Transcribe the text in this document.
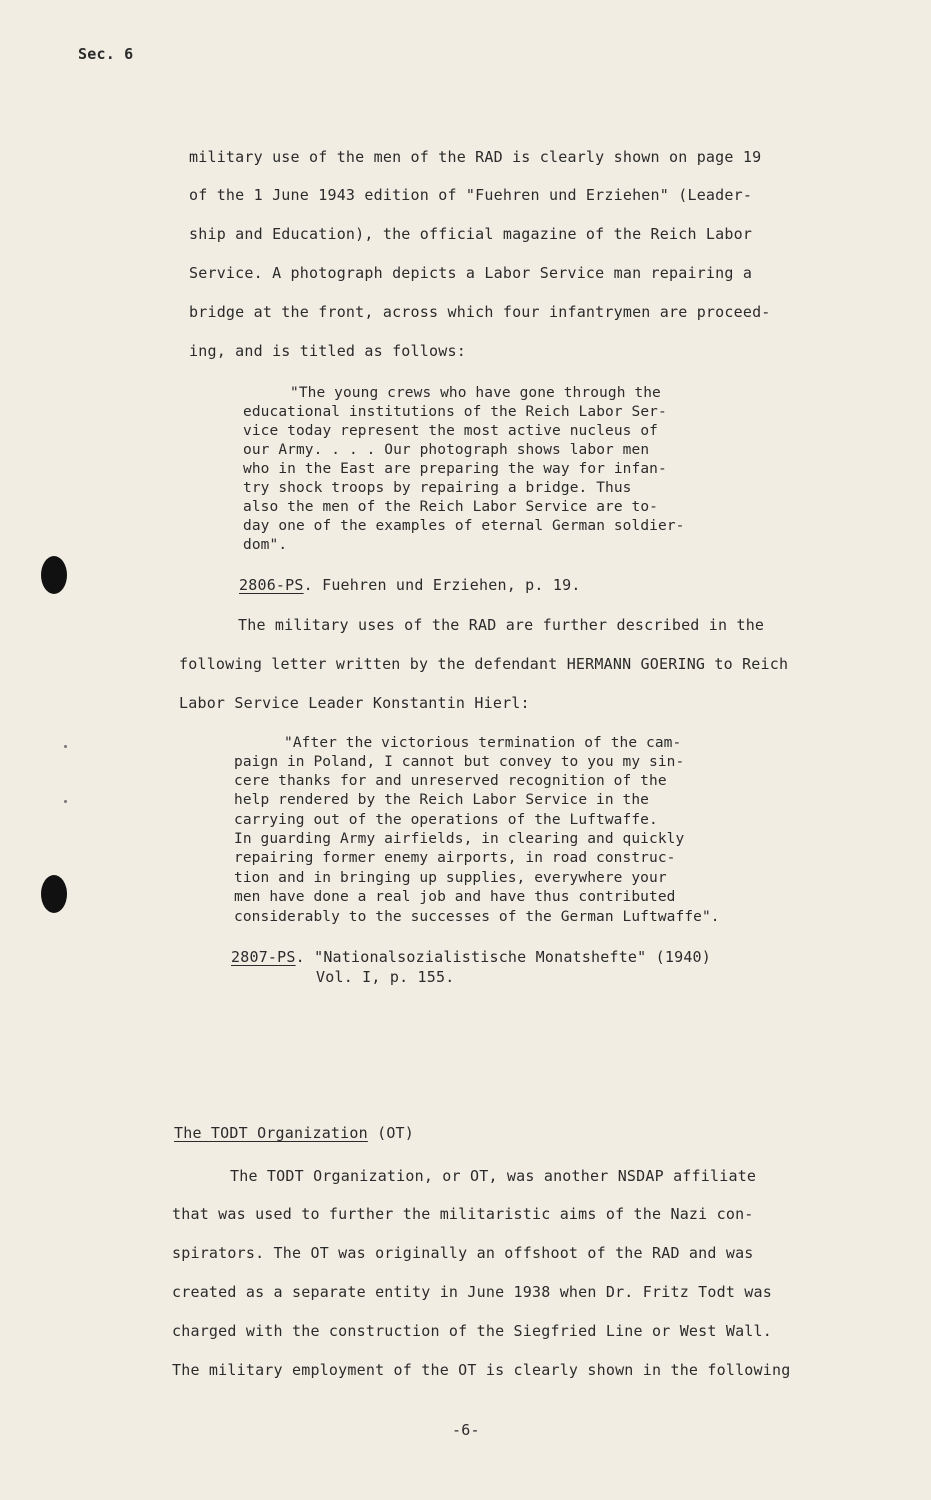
Sec. 6
military use of the men of the RAD is clearly shown on page 19
of the 1 June 1943 edition of "Fuehren und Erziehen" (Leader-
ship and Education), the official magazine of the Reich Labor
Service. A photograph depicts a Labor Service man repairing a
bridge at the front, across which four infantrymen are proceed-
ing, and is titled as follows:
"The young crews who have gone through the
educational institutions of the Reich Labor Ser-
vice today represent the most active nucleus of
our Army. . . . Our photograph shows labor men
who in the East are preparing the way for infan-
try shock troops by repairing a bridge. Thus
also the men of the Reich Labor Service are to-
day one of the examples of eternal German soldier-
dom".
2806-PS. Fuehren und Erziehen, p. 19.
The military uses of the RAD are further described in the
following letter written by the defendant HERMANN GOERING to Reich
Labor Service Leader Konstantin Hierl:
"After the victorious termination of the cam-
paign in Poland, I cannot but convey to you my sin-
cere thanks for and unreserved recognition of the
help rendered by the Reich Labor Service in the
carrying out of the operations of the Luftwaffe.
In guarding Army airfields, in clearing and quickly
repairing former enemy airports, in road construc-
tion and in bringing up supplies, everywhere your
men have done a real job and have thus contributed
considerably to the successes of the German Luftwaffe".
2807-PS. "Nationalsozialistische Monatshefte" (1940)
Vol. I, p. 155.
The TODT Organization (OT)
The TODT Organization, or OT, was another NSDAP affiliate
that was used to further the militaristic aims of the Nazi con-
spirators. The OT was originally an offshoot of the RAD and was
created as a separate entity in June 1938 when Dr. Fritz Todt was
charged with the construction of the Siegfried Line or West Wall.
The military employment of the OT is clearly shown in the following
-6-
